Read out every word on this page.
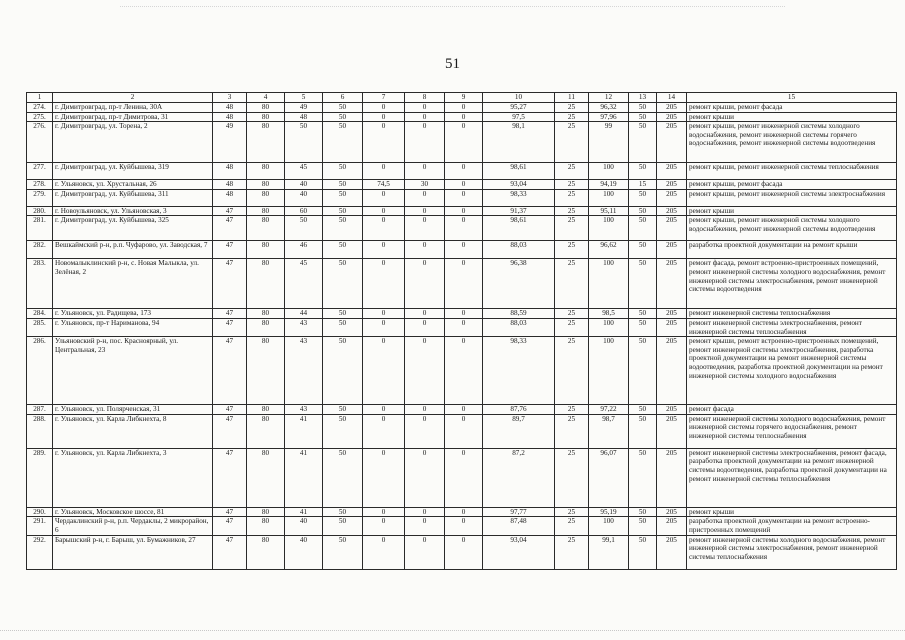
51
1	2	3	4	5	6	7	8	9	10	11	12	13	14	15
274.	г. Димитровград, пр-т Ленина, 30А	48	80	49	50	0	0	0	95,27	25	96,32	50	205	ремонт крыши, ремонт фасада
275.	г. Димитровград, пр-т Димитрова, 31	48	80	48	50	0	0	0	97,5	25	97,96	50	205	ремонт крыши
276.	г. Димитровград, ул. Торена, 2	49	80	50	50	0	0	0	98,1	25	99	50	205	ремонт крыши, ремонт инженерной системы холодного водоснабжения, ремонт инженерной системы горячего водоснабжения, ремонт инженерной системы водоотведения
277.	г. Димитровград, ул. Куйбышева, 319	48	80	45	50	0	0	0	98,61	25	100	50	205	ремонт крыши, ремонт инженерной системы теплоснабжения
278.	г. Ульяновск, ул. Хрустальная, 26	48	80	40	50	74,5	30	0	93,04	25	94,19	15	205	ремонт крыши, ремонт фасада
279.	г. Димитровград, ул. Куйбышева, 311	48	80	40	50	0	0	0	98,33	25	100	50	205	ремонт крыши, ремонт инженерной системы электроснабжения
280.	г. Новоульяновск, ул. Ульяновская, 3	47	80	60	50	0	0	0	91,37	25	95,11	50	205	ремонт крыши
281.	г. Димитровград, ул. Куйбышева, 325	47	80	50	50	0	0	0	98,61	25	100	50	205	ремонт крыши, ремонт инженерной системы холодного водоснабжения, ремонт инженерной системы водоотведения
282.	Вешкаймский р-н, р.п. Чуфарово, ул. Заводская, 7	47	80	46	50	0	0	0	88,03	25	96,62	50	205	разработка проектной документации на ремонт крыши
283.	Новомалыклинский р-н, с. Новая Малыкла, ул. Зелёная, 2	47	80	45	50	0	0	0	96,38	25	100	50	205	ремонт фасада, ремонт встроенно-пристроенных помещений, ремонт инженерной системы холодного водоснабжения, ремонт инженерной системы электроснабжения, ремонт инженерной системы водоотведения
284.	г. Ульяновск, ул. Радищева, 173	47	80	44	50	0	0	0	88,59	25	98,5	50	205	ремонт инженерной системы теплоснабжения
285.	г. Ульяновск, пр-т Нариманова, 94	47	80	43	50	0	0	0	88,03	25	100	50	205	ремонт инженерной системы электроснабжения, ремонт инженерной системы теплоснабжения
286.	Ульяновский р-н, пос. Красноярный, ул. Центральная, 23	47	80	43	50	0	0	0	98,33	25	100	50	205	ремонт крыши, ремонт встроенно-пристроенных помещений, ремонт инженерной системы электроснабжения, разработка проектной документации на ремонт инженерной системы водоотведения, разработка проектной документации на ремонт инженерной системы холодного водоснабжения
287.	г. Ульяновск, ул. Полярченская, 31	47	80	43	50	0	0	0	87,76	25	97,22	50	205	ремонт фасада
288.	г. Ульяновск, ул. Карла Либкнехта, 8	47	80	41	50	0	0	0	89,7	25	98,7	50	205	ремонт инженерной системы холодного водоснабжения, ремонт инженерной системы горячего водоснабжения, ремонт инженерной системы теплоснабжения
289.	г. Ульяновск, ул. Карла Либкнехта, 3	47	80	41	50	0	0	0	87,2	25	96,07	50	205	ремонт инженерной системы электроснабжения, ремонт фасада, разработка проектной документации на ремонт инженерной системы водоотведения, разработка проектной документации на ремонт инженерной системы теплоснабжения
290.	г. Ульяновск, Московское шоссе, 81	47	80	41	50	0	0	0	97,77	25	95,19	50	205	ремонт крыши
291.	Чердаклинский р-н, р.п. Чердаклы, 2 микрорайон, 6	47	80	40	50	0	0	0	87,48	25	100	50	205	разработка проектной документации на ремонт встроенно-пристроенных помещений
292.	Барышский р-н, г. Барыш, ул. Бумажников, 27	47	80	40	50	0	0	0	93,04	25	99,1	50	205	ремонт инженерной системы холодного водоснабжения, ремонт инженерной системы электроснабжения, ремонт инженерной системы теплоснабжения
